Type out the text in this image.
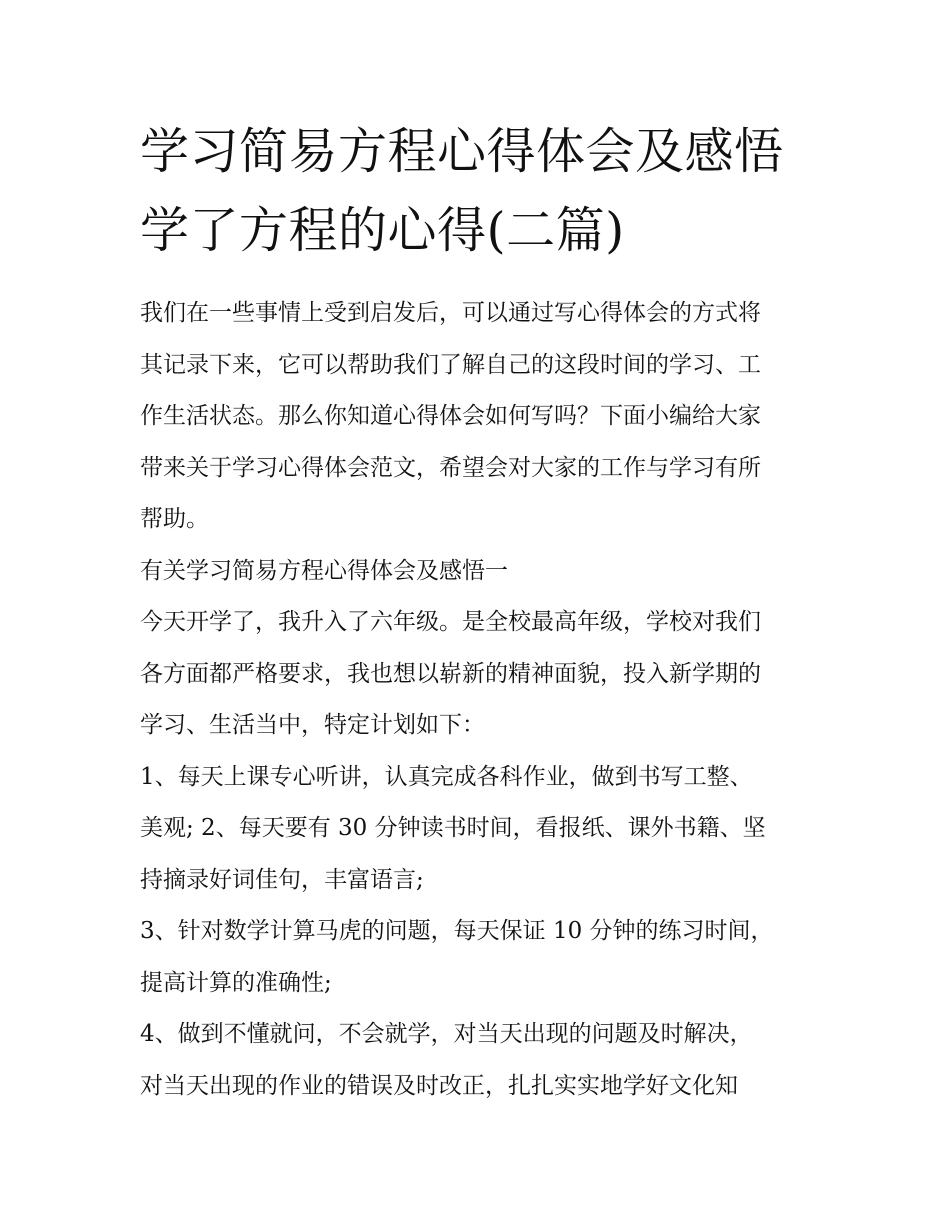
学习简易方程心得体会及感悟
学了方程的心得(二篇)

我们在一些事情上受到启发后，可以通过写心得体会的方式将
其记录下来，它可以帮助我们了解自己的这段时间的学习、工
作生活状态。那么你知道心得体会如何写吗？下面小编给大家
带来关于学习心得体会范文，希望会对大家的工作与学习有所
帮助。

有关学习简易方程心得体会及感悟一

今天开学了，我升入了六年级。是全校最高年级，学校对我们
各方面都严格要求，我也想以崭新的精神面貌，投入新学期的
学习、生活当中，特定计划如下：

1、每天上课专心听讲，认真完成各科作业，做到书写工整、
美观; 2、每天要有 30 分钟读书时间，看报纸、课外书籍、坚
持摘录好词佳句，丰富语言;

3、针对数学计算马虎的问题，每天保证 10 分钟的练习时间，
提高计算的准确性;

4、做到不懂就问，不会就学，对当天出现的问题及时解决，
对当天出现的作业的错误及时改正，扎扎实实地学好文化知
